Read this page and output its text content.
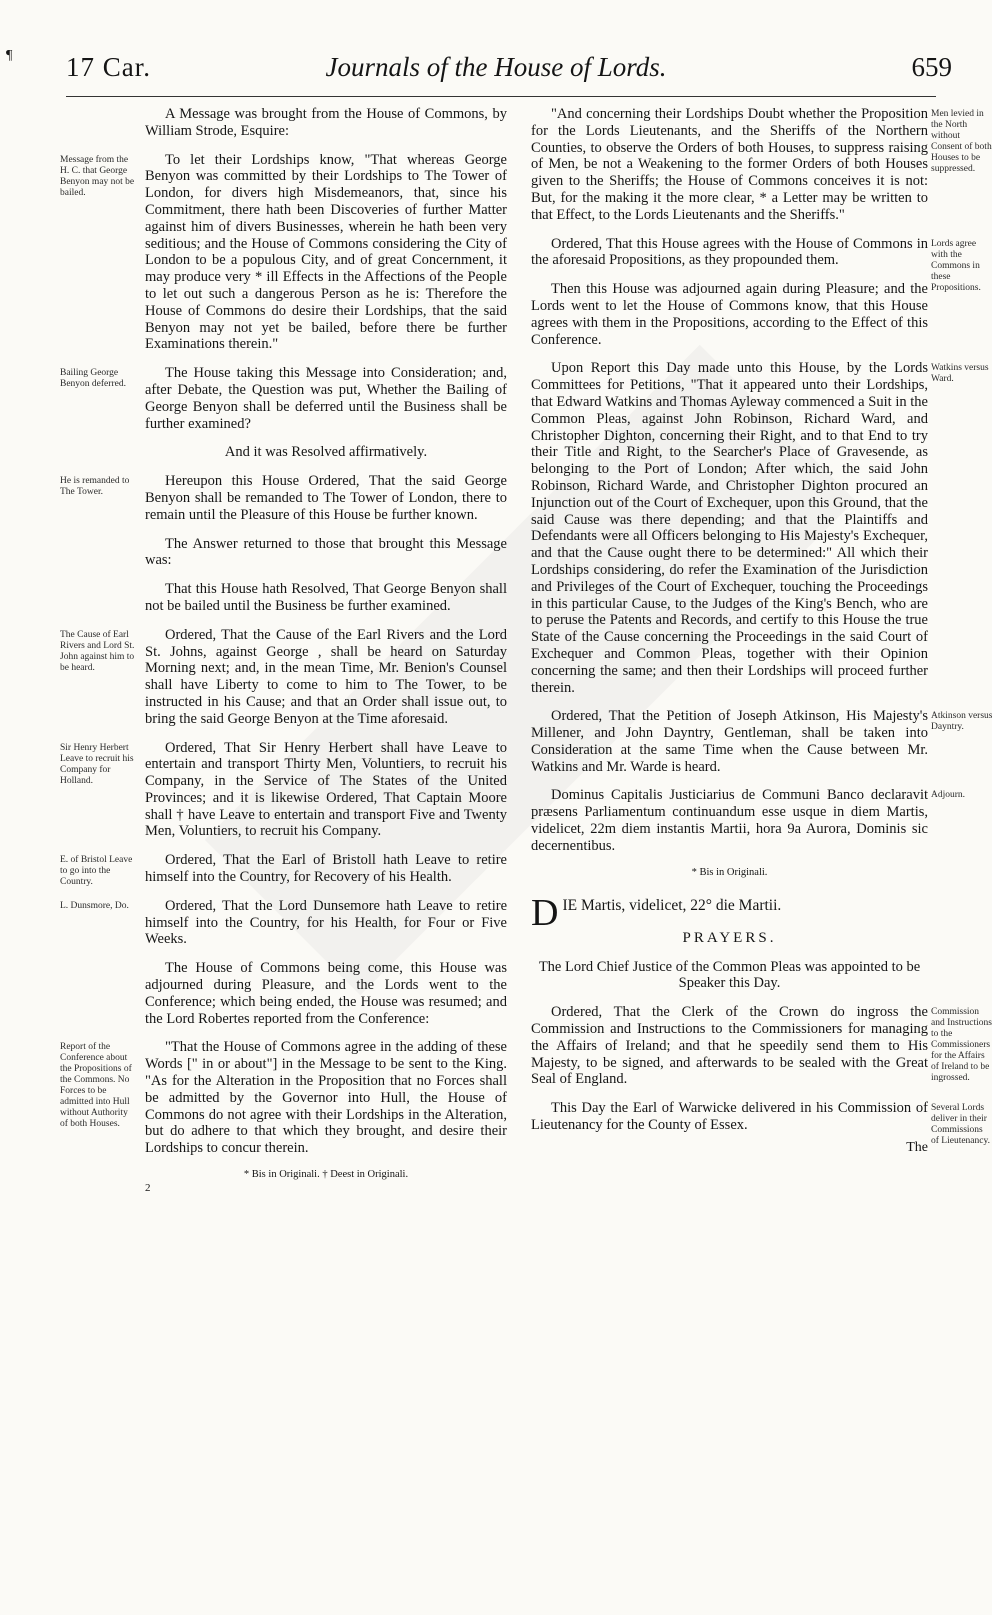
¶ 17 Car.	Journals of the House of Lords.	659
A Message was brought from the House of Commons, by William Strode, Esquire:
Message from the H. C. that George Benyon may not be bailed.
To let their Lordships know, "That whereas George Benyon was committed by their Lordships to The Tower of London, for divers high Misdemeanors, that, since his Commitment, there hath been Discoveries of further Matter against him of divers Businesses, wherein he hath been very seditious; and the House of Commons considering the City of London to be a populous City, and of great Concernment, it may produce very * ill Effects in the Affections of the People to let out such a dangerous Person as he is: Therefore the House of Commons do desire their Lordships, that the said Benyon may not yet be bailed, before there be further Examinations therein."
Bailing George Benyon deferred.
The House taking this Message into Consideration; and, after Debate, the Question was put, Whether the Bailing of George Benyon shall be deferred until the Business shall be further examined?
And it was Resolved affirmatively.
He is remanded to The Tower.
Hereupon this House Ordered, That the said George Benyon shall be remanded to The Tower of London, there to remain until the Pleasure of this House be further known.
The Answer returned to those that brought this Message was:
That this House hath Resolved, That George Benyon shall not be bailed until the Business be further examined.
The Cause of Earl Rivers and Lord St. John against him to be heard.
Ordered, That the Cause of the Earl Rivers and the Lord St. Johns, against George , shall be heard on Saturday Morning next; and, in the mean Time, Mr. Benion's Counsel shall have Liberty to come to him to The Tower, to be instructed in his Cause; and that an Order shall issue out, to bring the said George Benyon at the Time aforesaid.
Sir Henry Herbert Leave to recruit his Company for Holland.
Ordered, That Sir Henry Herbert shall have Leave to entertain and transport Thirty Men, Voluntiers, to recruit his Company, in the Service of The States of the United Provinces; and it is likewise Ordered, That Captain Moore shall † have Leave to entertain and transport Five and Twenty Men, Voluntiers, to recruit his Company.
E. of Bristol Leave to go into the Country.
Ordered, That the Earl of Bristoll hath Leave to retire himself into the Country, for Recovery of his Health.
L. Dunsmore, Do.	Ordered, That the Lord Dunsemore hath Leave to retire himself into the Country, for his Health, for Four or Five Weeks.
The House of Commons being come, this House was adjourned during Pleasure, and the Lords went to the Conference; which being ended, the House was resumed; and the Lord Robertes reported from the Conference:
Report of the Conference about the Propositions of the Commons. No Forces to be admitted into Hull without Authority of both Houses.
"That the House of Commons agree in the adding of these Words [" in or about"] in the Message to be sent to the King. "As for the Alteration in the Proposition that no Forces shall be admitted by the Governor into Hull, the House of Commons do not agree with their Lordships in the Alteration, but do adhere to that which they brought, and desire their Lordships to concur therein.
* Bis in Originali. † Deest in Originali.
2
Men levied in the North without Consent of both Houses to be suppressed.
"And concerning their Lordships Doubt whether the Proposition for the Lords Lieutenants, and the Sheriffs of the Northern Counties, to observe the Orders of both Houses, to suppress raising of Men, be not a Weakening to the former Orders of both Houses given to the Sheriffs; the House of Commons conceives it is not: But, for the making it the more clear, * a Letter may be written to that Effect, to the Lords Lieutenants and the Sheriffs."
Lords agree with the Commons in these Propositions.
Ordered, That this House agrees with the House of Commons in the aforesaid Propositions, as they propounded them.
Then this House was adjourned again during Pleasure; and the Lords went to let the House of Commons know, that this House agrees with them in the Propositions, according to the Effect of this Conference.
Watkins versus Ward.
Upon Report this Day made unto this House, by the Lords Committees for Petitions, "That it appeared unto their Lordships, that Edward Watkins and Thomas Ayleway commenced a Suit in the Common Pleas, against John Robinson, Richard Ward, and Christopher Dighton, concerning their Right, and to that End to try their Title and Right, to the Searcher's Place of Gravesende, as belonging to the Port of London; After which, the said John Robinson, Richard Warde, and Christopher Dighton procured an Injunction out of the Court of Exchequer, upon this Ground, that the said Cause was there depending; and that the Plaintiffs and Defendants were all Officers belonging to His Majesty's Exchequer, and that the Cause ought there to be determined:" All which their Lordships considering, do refer the Examination of the Jurisdiction and Privileges of the Court of Exchequer, touching the Proceedings in this particular Cause, to the Judges of the King's Bench, who are to peruse the Patents and Records, and certify to this House the true State of the Cause concerning the Proceedings in the said Court of Exchequer and Common Pleas, together with their Opinion concerning the same; and then their Lordships will proceed further therein.
Atkinson versus Dayntry.
Ordered, That the Petition of Joseph Atkinson, His Majesty's Millener, and John Dayntry, Gentleman, shall be taken into Consideration at the same Time when the Cause between Mr. Watkins and Mr. Warde is heard.
Adjourn.
Dominus Capitalis Justiciarius de Communi Banco declaravit præsens Parliamentum continuandum esse usque in diem Martis, videlicet, 22m diem instantis Martii, hora 9a Aurora, Dominis sic decernentibus.
* Bis in Originali.
D IE Martis, videlicet, 22° die Martii.
PRAYERS.
The Lord Chief Justice of the Common Pleas was appointed to be Speaker this Day.
Commission and Instructions to the Commissioners for the Affairs of Ireland to be ingrossed.
Ordered, That the Clerk of the Crown do ingross the Commission and Instructions to the Commissioners for managing the Affairs of Ireland; and that he speedily send them to His Majesty, to be signed, and afterwards to be sealed with the Great Seal of England.
Several Lords deliver in their Commissions of Lieutenancy.
This Day the Earl of Warwicke delivered in his Commission of Lieutenancy for the County of Essex.
The
